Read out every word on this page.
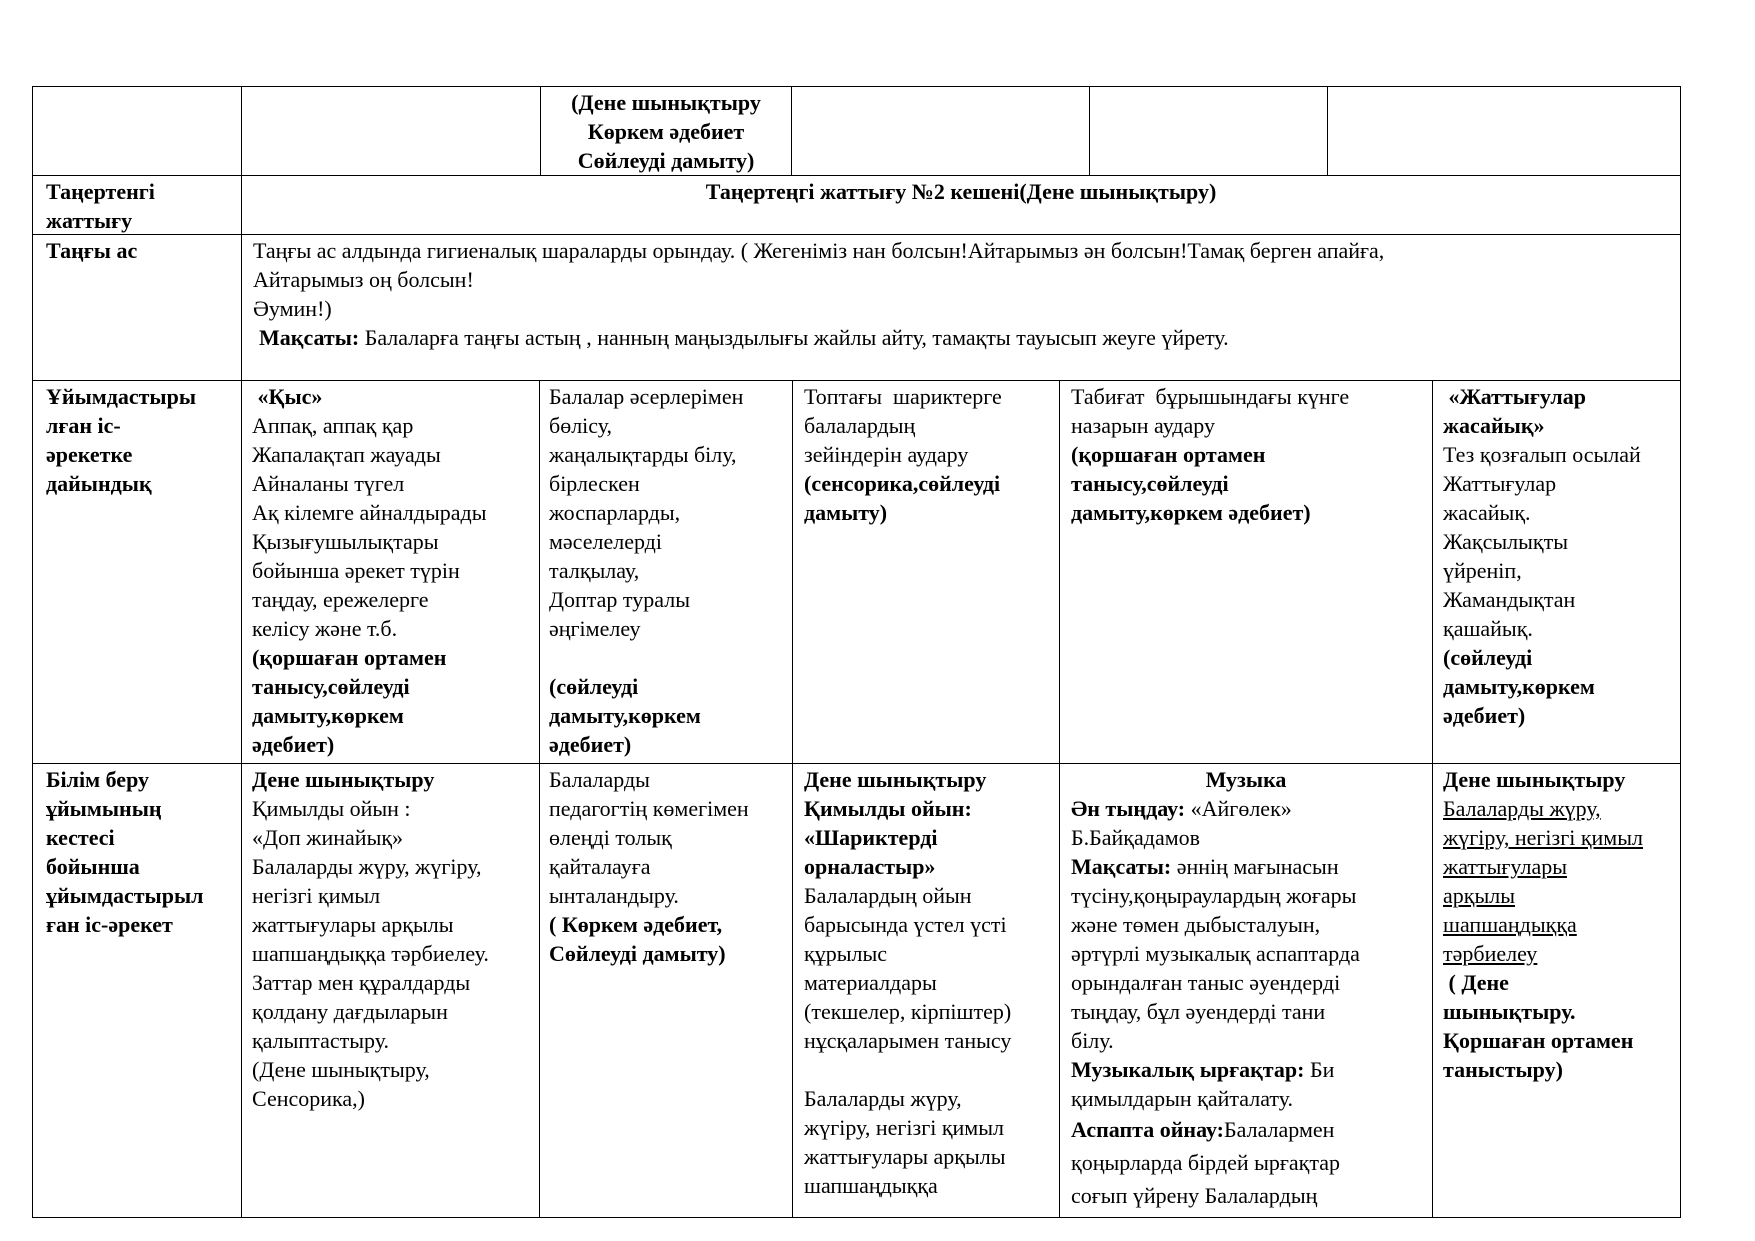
(Дене шынықтыру
Көркем әдебиет
Сөйлеуді дамыту)
Таңертенгі
жаттығу
Таңертеңгі жаттығу №2 кешені(Дене шынықтыру)
Таңғы ас	Таңғы ас алдында гигиеналық шараларды орындау. ( Жегеніміз нан болсын!Айтарымыз ән болсын!Тамақ берген апайға,
Айтарымыз оң болсын!
Әумин!)
Мақсаты: Балаларға таңғы астың , нанның маңыздылығы жайлы айту, тамақты тауысып жеуге үйрету.
Ұйымдастыры
лған іс-
әрекетке
дайындық
«Қыс»
Аппақ, аппақ қар
Жапалақтап жауады
Айналаны түгел
Ақ кілемге айналдырады
Қызығушылықтары
бойынша әрекет түрін
таңдау, ережелерге
келісу және т.б.
(қоршаған ортамен
танысу,сөйлеуді
дамыту,көркем
әдебиет)
Балалар әсерлерімен
бөлісу,
жаңалықтарды білу,
бірлескен
жоспарларды,
мәселелерді
талқылау,
Доптар туралы
әңгімелеу
(сөйлеуді
дамыту,көркем
әдебиет)
Топтағы  шариктерге
балалардың
зейіндерін аудару
(сенсорика,сөйлеуді
дамыту)
Табиғат  бұрышындағы күнге
назарын аудару
(қоршаған ортамен
танысу,сөйлеуді
дамыту,көркем әдебиет)
«Жаттығулар
жасайық»
Тез қозғалып осылай
Жаттығулар
жасайық.
Жақсылықты
үйреніп,
Жамандықтан
қашайық.
(сөйлеуді
дамыту,көркем
әдебиет)
Білім беру
ұйымының
кестесі
бойынша
ұйымдастырыл
ған іс-әрекет
Дене шынықтыру
Қимылды ойын :
«Доп жинайық»
Балаларды жүру, жүгіру,
негізгі қимыл
жаттығулары арқылы
шапшаңдыққа тәрбиелеу.
Заттар мен құралдарды
қолдану дағдыларын
қалыптастыру.
(Дене шынықтыру,
Сенсорика,)
Балаларды
педагогтің көмегімен
өлеңді толық
қайталауға
ынталандыру.
( Көркем әдебиет,
Сөйлеуді дамыту)
Дене шынықтыру
Қимылды ойын:
«Шариктерді
орналастыр»
Балалардың ойын
барысында үстел үсті
құрылыс
материалдары
(текшелер, кірпіштер)
нұсқаларымен танысу
Балаларды жүру,
жүгіру, негізгі қимыл
жаттығулары арқылы
шапшаңдыққа
Музыка
Ән тыңдау: «Айгөлек»
Б.Байқадамов
Мақсаты: әннің мағынасын
түсіну,қоңыраулардың жоғары
және төмен дыбысталуын,
әртүрлі музыкалық аспаптарда
орындалған таныс әуендерді
тыңдау, бұл әуендерді тани
білу.
Музыкалық ырғақтар: Би
қимылдарын қайталату.
Аспапта ойнау:Балалармен
қоңырларда бірдей ырғақтар
соғып үйрену Балалардың
Дене шынықтыру
Балаларды жүру,
жүгіру, негізгі қимыл
жаттығулары
арқылы
шапшаңдыққа
тәрбиелеу
( Дене
шынықтыру.
Қоршаған ортамен
таныстыру)
